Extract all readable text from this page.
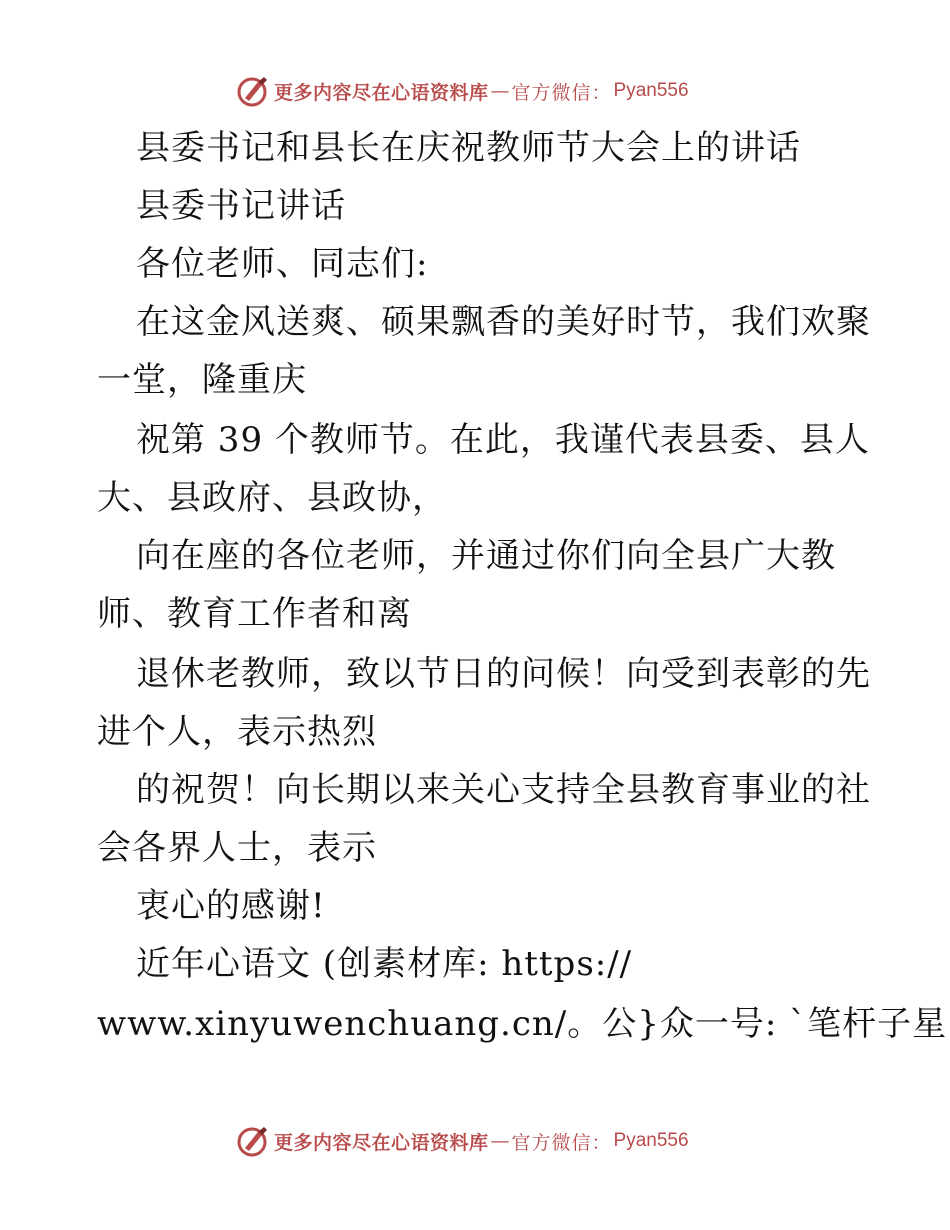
更多内容尽在心语资料库 — 官方微信： Pyan556
县委书记和县长在庆祝教师节大会上的讲话
县委书记讲话
各位老师、同志们:
在这金风送爽、硕果飘香的美好时节，我们欢聚
一堂，隆重庆
祝第 39 个教师节。在此，我谨代表县委、县人
大、县政府、县政协，
向在座的各位老师，并通过你们向全县广大教
师、教育工作者和离
退休老教师，致以节日的问候！向受到表彰的先
进个人，表示热烈
的祝贺！向长期以来关心支持全县教育事业的社
会各界人士，表示
衷心的感谢!
近年心语文 (创素材库: https://
www.xinyuwenchuang.cn/。公}众一号: `笔杆子星
更多内容尽在心语资料库 — 官方微信： Pyan556
